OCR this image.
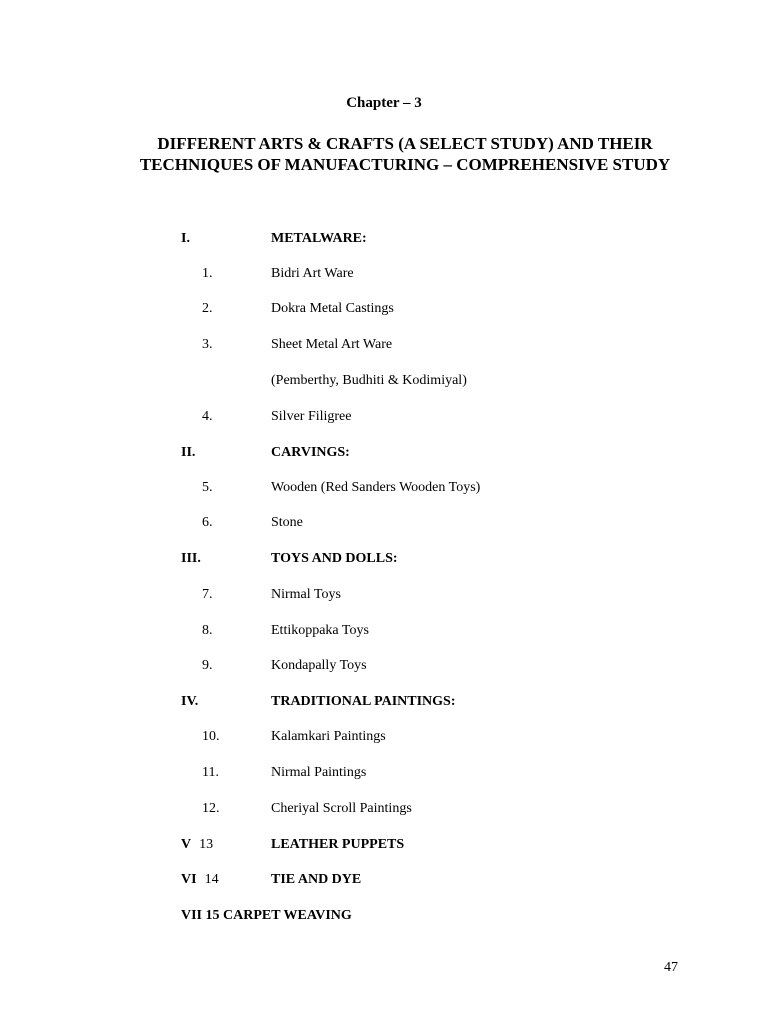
Chapter – 3
DIFFERENT ARTS & CRAFTS (A SELECT STUDY) AND THEIR TECHNIQUES OF MANUFACTURING – COMPREHENSIVE STUDY
I.	METALWARE:
1.	Bidri Art Ware
2.	Dokra Metal Castings
3.	Sheet Metal Art Ware
(Pemberthy, Budhiti & Kodimiyal)
4.	Silver Filigree
II.	CARVINGS:
5.	Wooden (Red Sanders Wooden Toys)
6.	Stone
III.	TOYS AND DOLLS:
7.	Nirmal Toys
8.	Ettikoppaka Toys
9.	Kondapally Toys
IV.	TRADITIONAL PAINTINGS:
10.	Kalamkari Paintings
11.	Nirmal Paintings
12.	Cheriyal Scroll Paintings
V 13	LEATHER PUPPETS
VI 14	TIE AND DYE
VII 15 CARPET WEAVING
47
